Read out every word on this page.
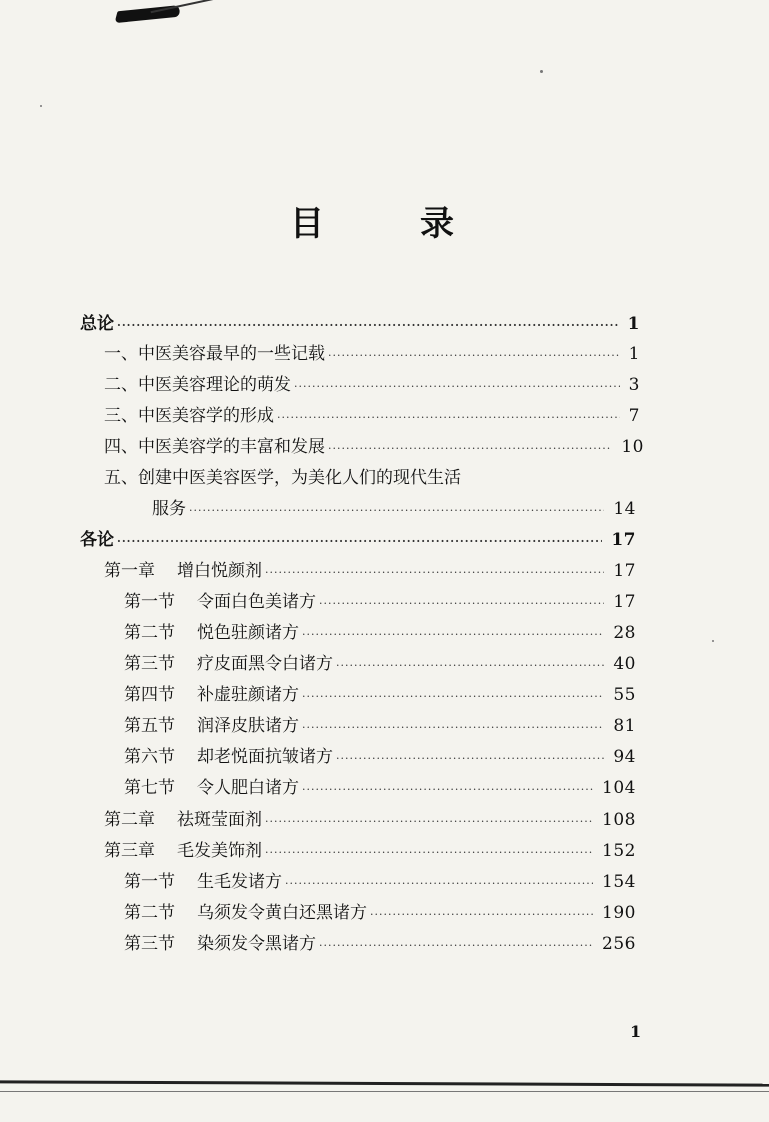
目	录
总论 ·····	1
一、中医美容最早的一些记载 ·····	1
二、中医美容理论的萌发 ·····	3
三、中医美容学的形成 ·····	7
四、中医美容学的丰富和发展 ·····	10
五、创建中医美容医学，为美化人们的现代生活
服务 ·····	14
各论 ·····	17
第一章 增白悦颜剂 ·····	17
第一节 令面白色美诸方 ·····	17
第二节 悦色驻颜诸方 ·····	28
第三节 疗皮面黑令白诸方 ·····	40
第四节 补虚驻颜诸方 ·····	55
第五节 润泽皮肤诸方 ·····	81
第六节 却老悦面抗皱诸方 ·····	94
第七节 令人肥白诸方 ·····	104
第二章 祛斑莹面剂 ·····	108
第三章 毛发美饰剂 ·····	152
第一节 生毛发诸方 ·····	154
第二节 乌须发令黄白还黑诸方 ·····	190
第三节 染须发令黑诸方 ·····	256
1
